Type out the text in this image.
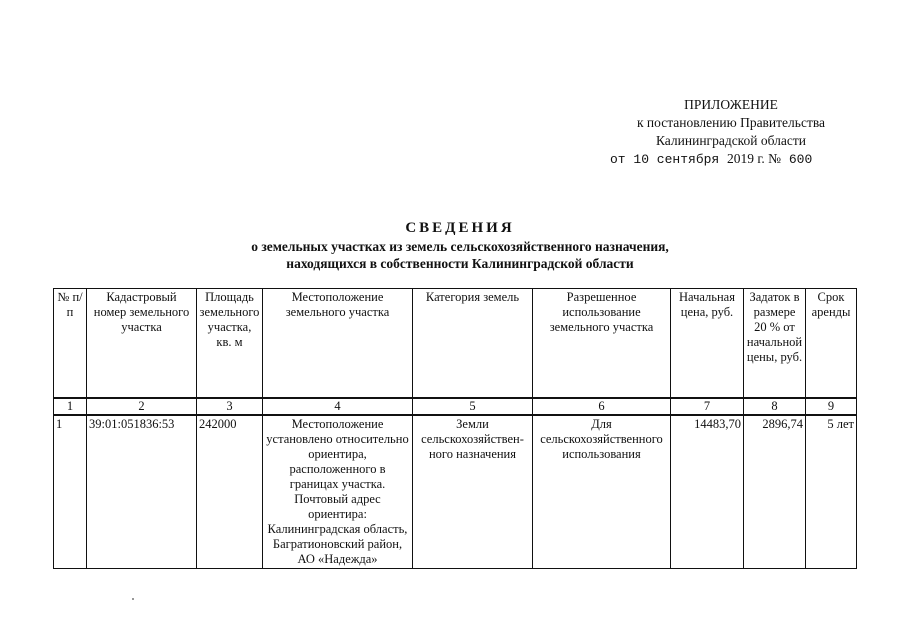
ПРИЛОЖЕНИЕ
к постановлению Правительства
Калининградской области
от 10 сентября 2019 г. № 600
СВЕДЕНИЯ
о земельных участках из земель сельскохозяйственного назначения,
находящихся в собственности Калининградской области
№ п/п	Кадастровый номер земельного участка	Площадь земельного участка, кв. м	Местоположение земельного участка	Категория земель	Разрешенное использование земельного участка	Начальная цена, руб.	Задаток в размере 20 % от начальной цены, руб.	Срок аренды
1	2	3	4	5	6	7	8	9
1	39:01:051836:53	242000	Местоположение установлено относительно ориентира, расположенного в границах участка. Почтовый адрес ориентира: Калининградская область, Багратионовский район, АО «Надежда»	Земли сельскохозяйствен-ного назначения	Для сельскохозяйственного использования	14483,70	2896,74	5 лет
